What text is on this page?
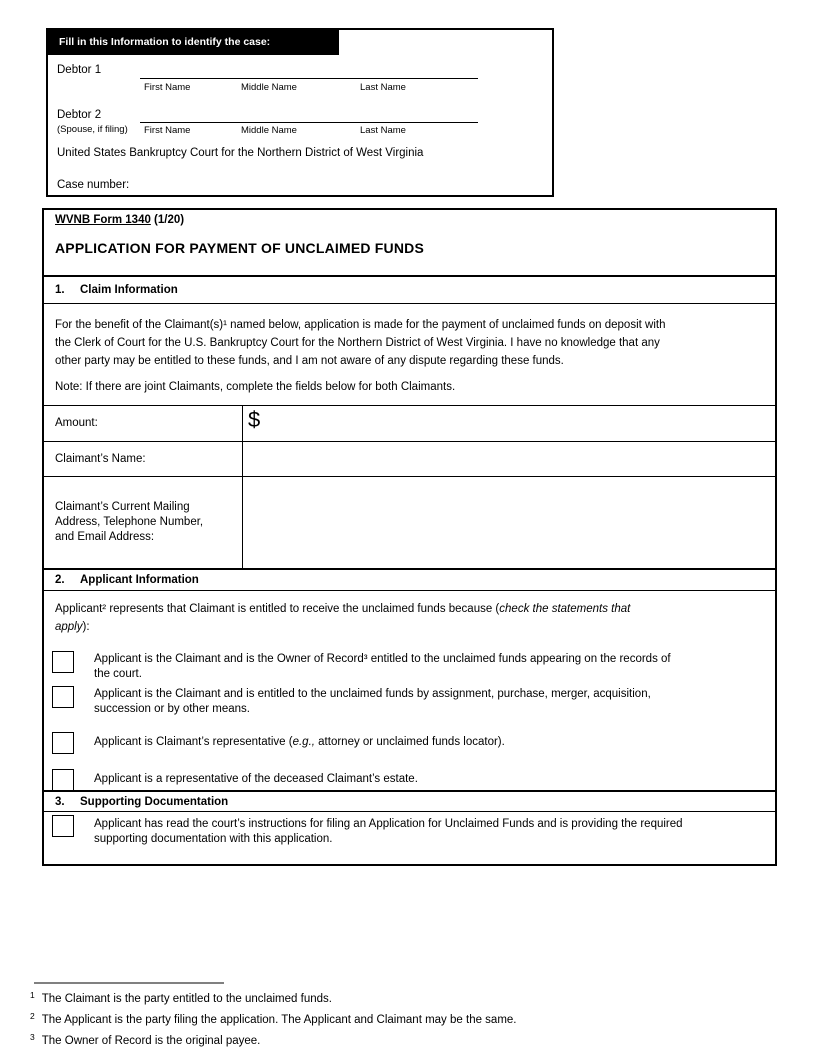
Fill in this Information to identify the case:
Debtor 1
First Name	Middle Name	Last Name
Debtor 2
(Spouse, if filing) First Name	Middle Name	Last Name
United States Bankruptcy Court for the Northern District of West Virginia
Case number:
WVNB Form 1340 (1/20)
APPLICATION FOR PAYMENT OF UNCLAIMED FUNDS
1.	Claim Information
For the benefit of the Claimant(s)¹ named below, application is made for the payment of unclaimed funds on deposit with
the Clerk of Court for the U.S. Bankruptcy Court for the Northern District of West Virginia. I have no knowledge that any
other party may be entitled to these funds, and I am not aware of any dispute regarding these funds.
Note: If there are joint Claimants, complete the fields below for both Claimants.
Amount:	$
Claimant’s Name:
Claimant’s Current Mailing
Address, Telephone Number,
and Email Address:
2.	Applicant Information
Applicant² represents that Claimant is entitled to receive the unclaimed funds because (check the statements that
apply):
Applicant is the Claimant and is the Owner of Record³ entitled to the unclaimed funds appearing on the records of
the court.
Applicant is the Claimant and is entitled to the unclaimed funds by assignment, purchase, merger, acquisition,
succession or by other means.
Applicant is Claimant’s representative (e.g., attorney or unclaimed funds locator).
Applicant is a representative of the deceased Claimant’s estate.
3.	Supporting Documentation
Applicant has read the court’s instructions for filing an Application for Unclaimed Funds and is providing the required
supporting documentation with this application.
$^1$ The Claimant is the party entitled to the unclaimed funds.
$^2$ The Applicant is the party filing the application. The Applicant and Claimant may be the same.
$^3$ The Owner of Record is the original payee.
